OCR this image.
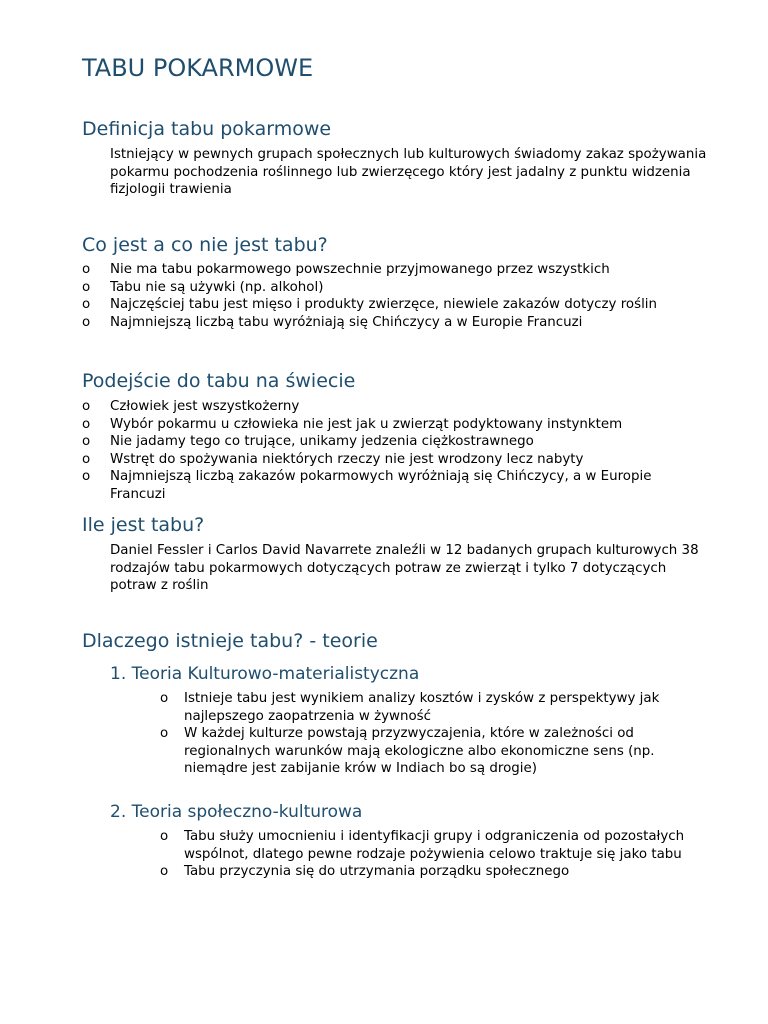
TABU POKARMOWE
Definicja tabu pokarmowe

Istniejący w pewnych grupach społecznych lub kulturowych świadomy zakaz spożywania pokarmu pochodzenia roślinnego lub zwierzęcego który jest jadalny z punktu widzenia fizjologii trawienia

Co jest a co nie jest tabu?
o Nie ma tabu pokarmowego powszechnie przyjmowanego przez wszystkich
o Tabu nie są używki (np. alkohol)
o Najczęściej tabu jest mięso i produkty zwierzęce, niewiele zakazów dotyczy roślin
o Najmniejszą liczbą tabu wyróżniają się Chińczycy a w Europie Francuzi
Podejście do tabu na świecie
o Człowiek jest wszystkożerny
o Wybór pokarmu u człowieka nie jest jak u zwierząt podyktowany instynktem
o Nie jadamy tego co trujące, unikamy jedzenia ciężkostrawnego
o Wstręt do spożywania niektórych rzeczy nie jest wrodzony lecz nabyty
o Najmniejszą liczbą zakazów pokarmowych wyróżniają się Chińczycy, a w Europie Francuzi
Ile jest tabu?

Daniel Fessler i Carlos David Navarrete znaleźli w 12 badanych grupach kulturowych 38 rodzajów tabu pokarmowych dotyczących potraw ze zwierząt i tylko 7 dotyczących potraw z roślin

Dlaczego istnieje tabu? - teorie
1. Teoria Kulturowo-materialistyczna
o Istnieje tabu jest wynikiem analizy kosztów i zysków z perspektywy jak najlepszego zaopatrzenia w żywność
o W każdej kulturze powstają przyzwyczajenia, które w zależności od regionalnych warunków mają ekologiczne albo ekonomiczne sens (np. niemądre jest zabijanie krów w Indiach bo są drogie)
2. Teoria społeczno-kulturowa
o Tabu służy umocnieniu i identyfikacji grupy i odgraniczenia od pozostałych wspólnot, dlatego pewne rodzaje pożywienia celowo traktuje się jako tabu
o Tabu przyczynia się do utrzymania porządku społecznego
